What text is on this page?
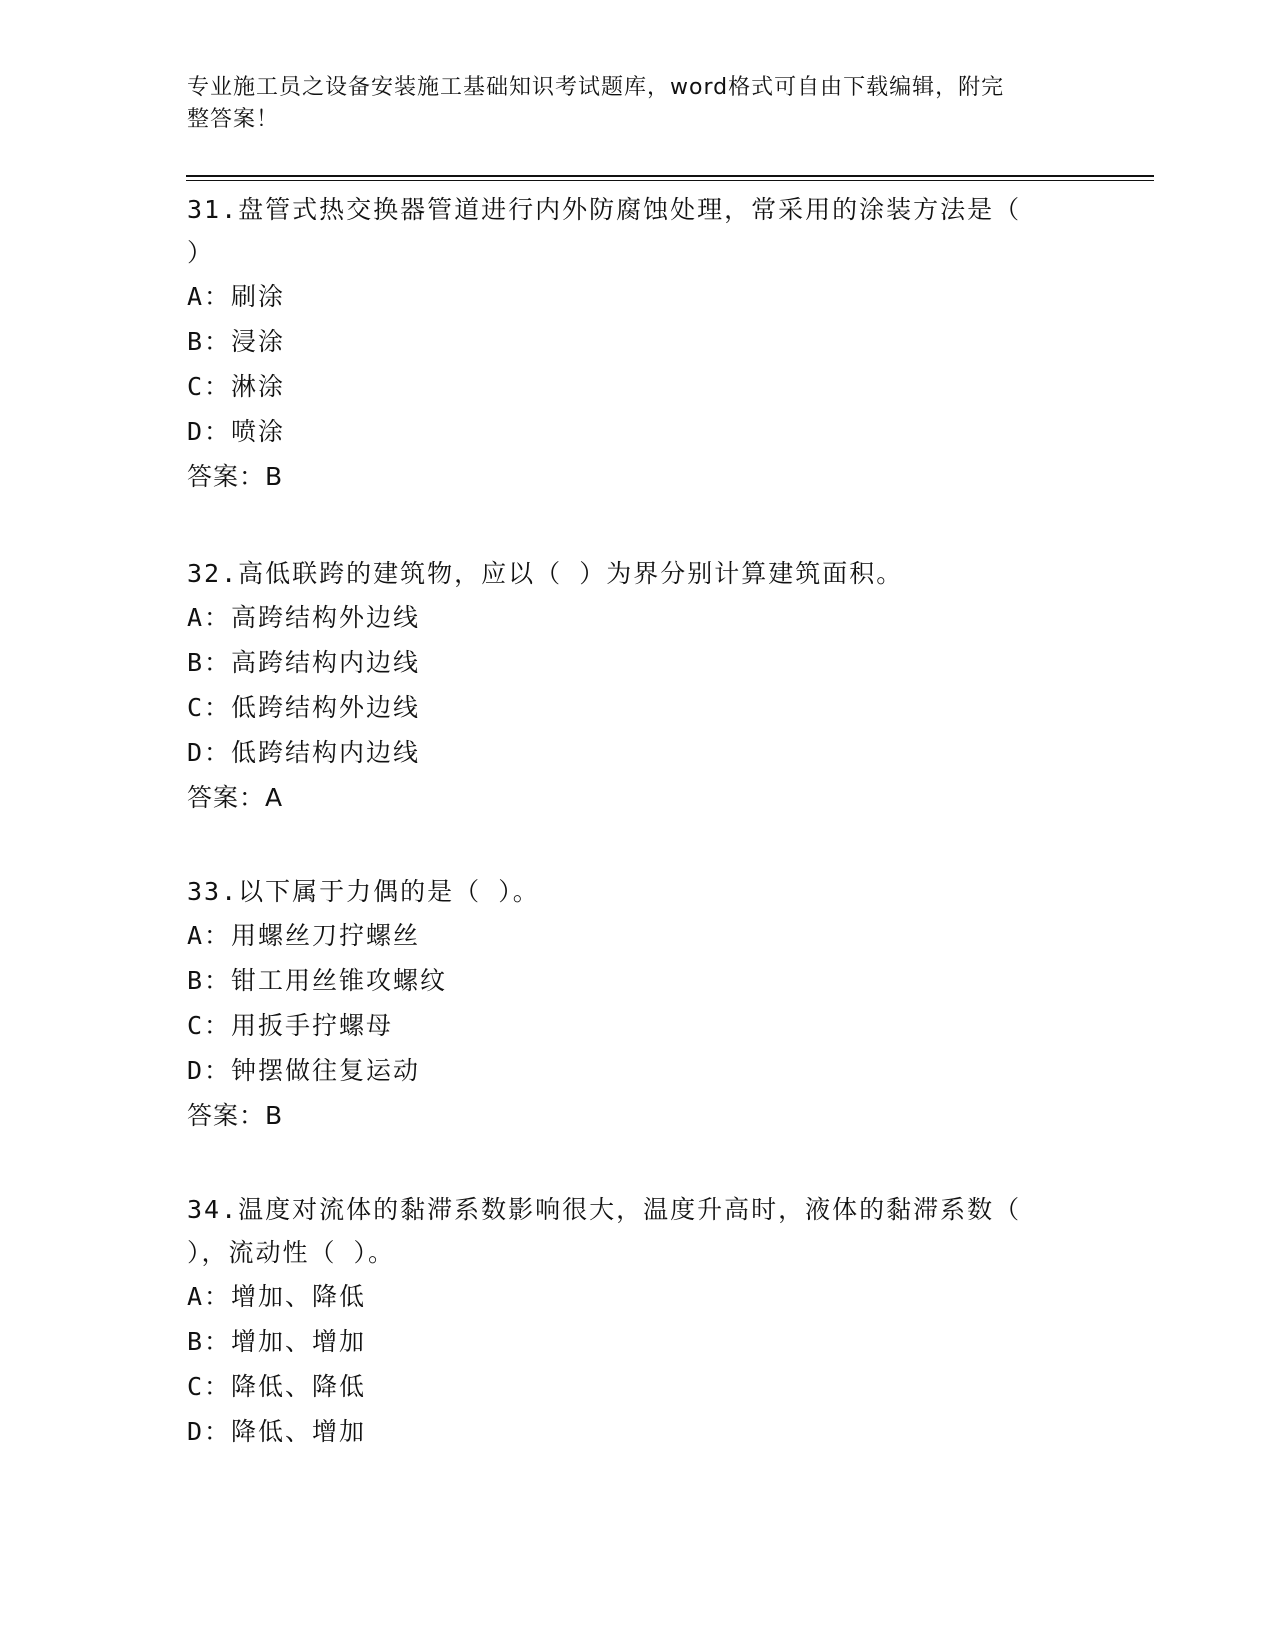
专业施工员之设备安装施工基础知识考试题库，word格式可自由下载编辑，附完
整答案！

31.盘管式热交换器管道进行内外防腐蚀处理，常采用的涂装方法是（

）

A：刷涂
B：浸涂
C：淋涂
D：喷涂
答案：B

32.高低联跨的建筑物，应以（ ）为界分别计算建筑面积。

A：高跨结构外边线
B：高跨结构内边线
C：低跨结构外边线
D：低跨结构内边线
答案：A

33.以下属于力偶的是（ ）。

A：用螺丝刀拧螺丝
B：钳工用丝锥攻螺纹
C：用扳手拧螺母
D：钟摆做往复运动
答案：B

34.温度对流体的黏滞系数影响很大，温度升高时，液体的黏滞系数（

），流动性（ ）。

A：增加、降低
B：增加、增加
C：降低、降低
D：降低、增加
